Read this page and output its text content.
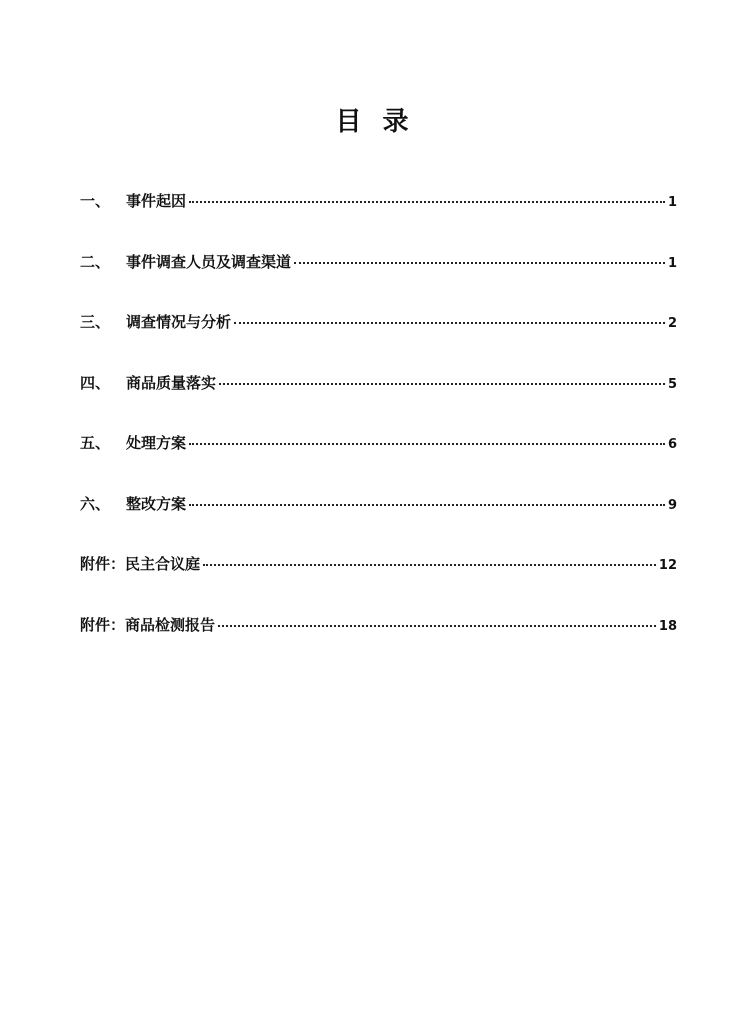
目 录
一、	事件起因	1
二、	事件调查人员及调查渠道	1
三、	调查情况与分析	2
四、	商品质量落实	5
五、	处理方案	6
六、	整改方案	9
附件：民主合议庭	12
附件：商品检测报告	18
